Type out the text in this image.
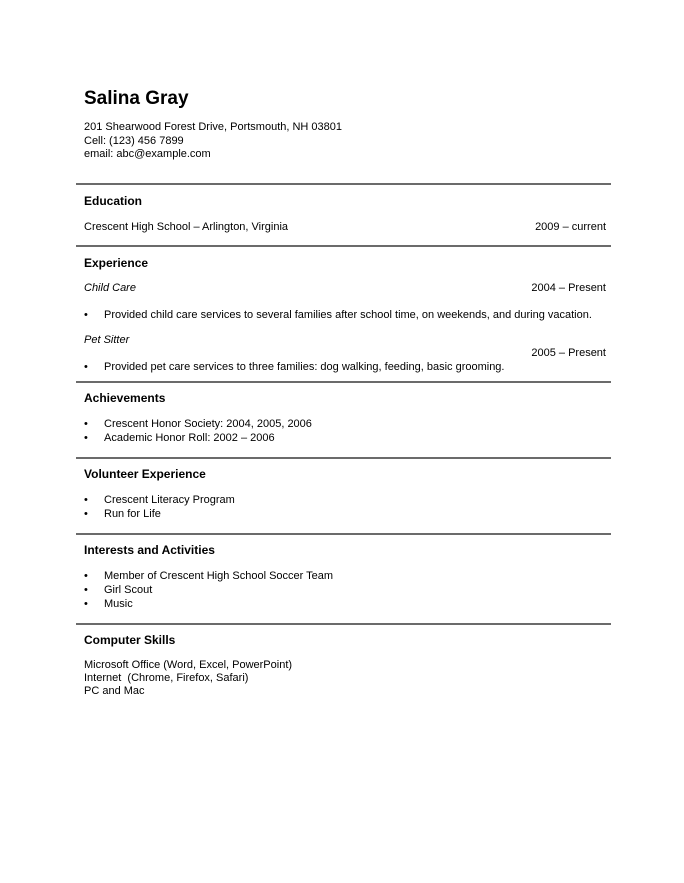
Salina Gray
201 Shearwood Forest Drive, Portsmouth, NH 03801
Cell: (123) 456 7899
email: abc@example.com
Education
Crescent High School – Arlington, Virginia	2009 – current
Experience
Child Care	2004 – Present
• Provided child care services to several families after school time, on weekends, and during vacation.
Pet Sitter
2005 – Present
• Provided pet care services to three families: dog walking, feeding, basic grooming.
Achievements
• Crescent Honor Society: 2004, 2005, 2006
• Academic Honor Roll: 2002 – 2006
Volunteer Experience
• Crescent Literacy Program
• Run for Life
Interests and Activities
• Member of Crescent High School Soccer Team
• Girl Scout
• Music
Computer Skills
Microsoft Office (Word, Excel, PowerPoint)
Internet  (Chrome, Firefox, Safari)
PC and Mac
